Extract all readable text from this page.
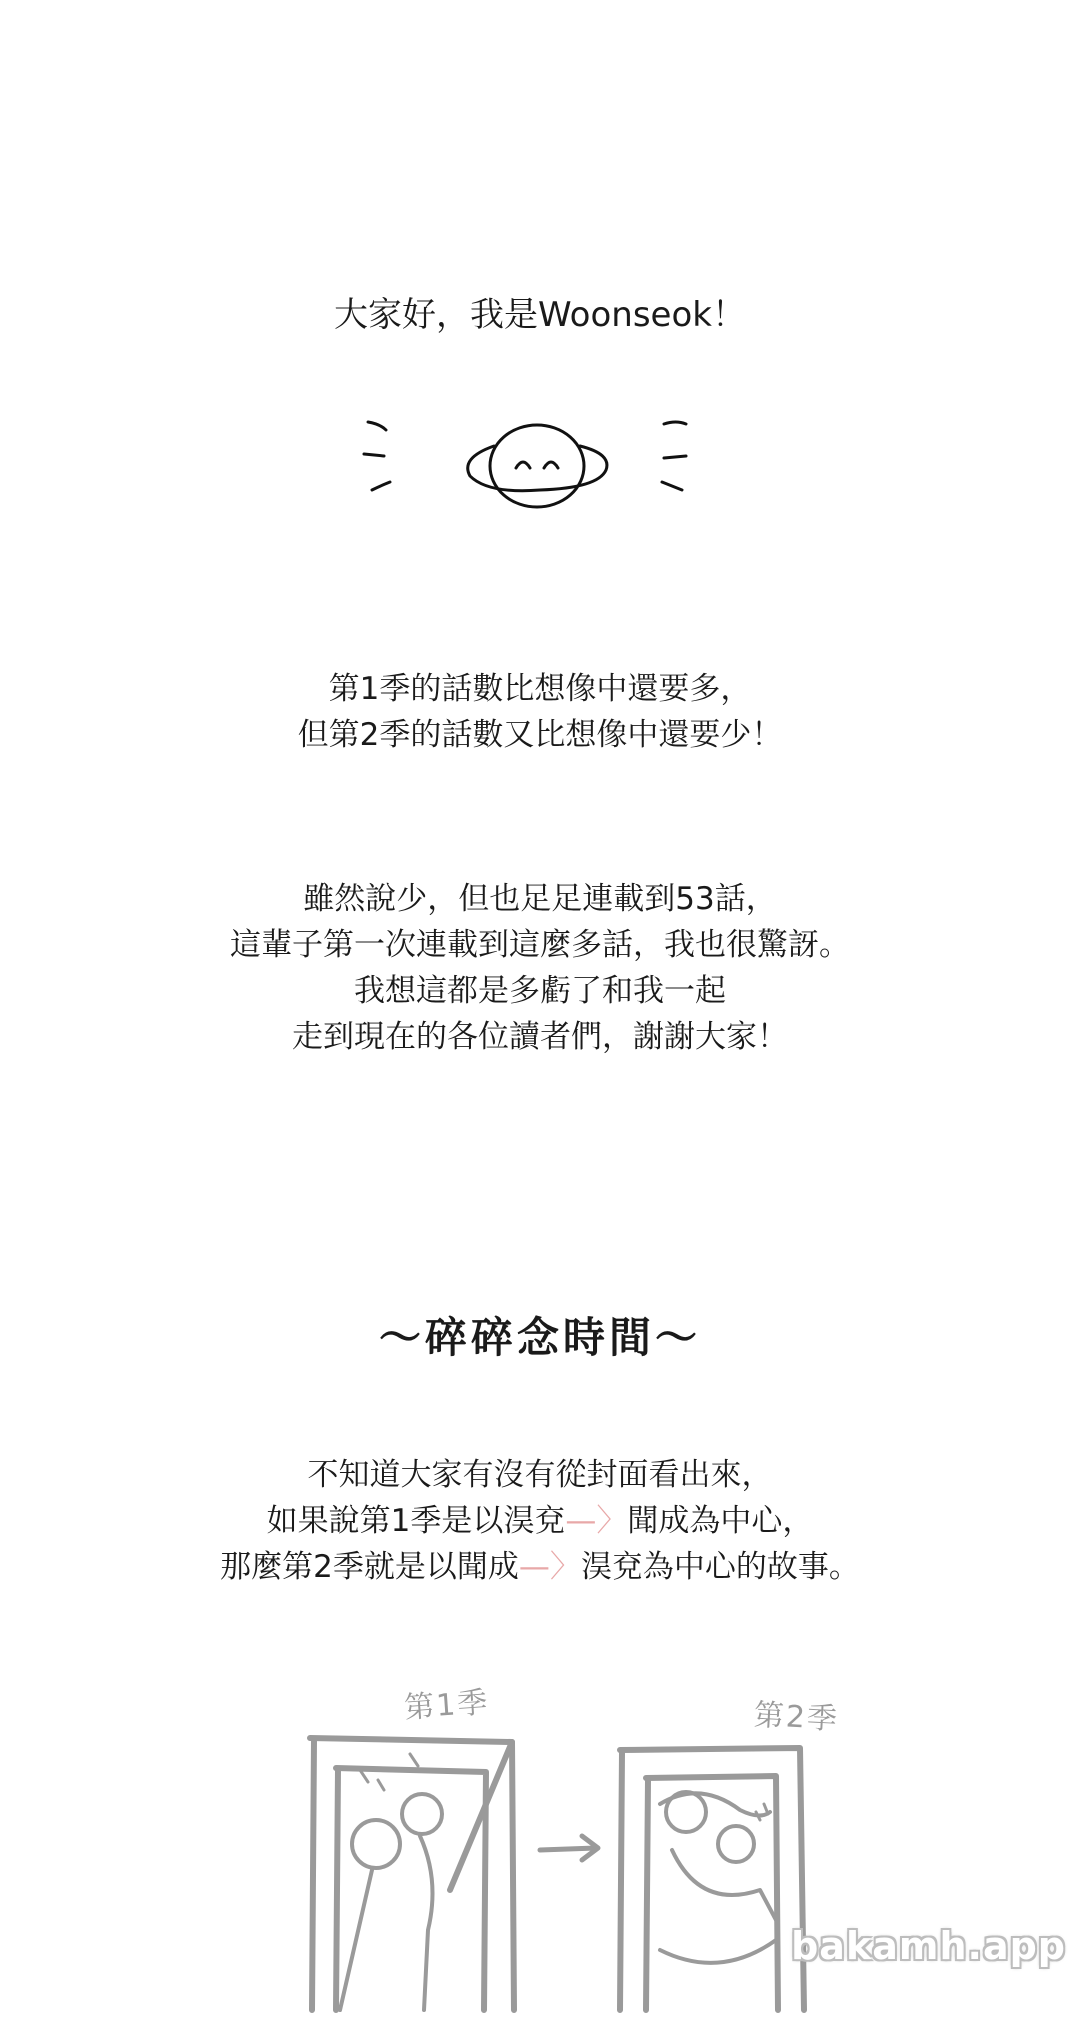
大家好，我是Woonseok！
第1季的話數比想像中還要多，
但第2季的話數又比想像中還要少！
雖然說少，但也足足連載到53話，
這輩子第一次連載到這麼多話，我也很驚訝。
我想這都是多虧了和我一起
走到現在的各位讀者們，謝謝大家！
～碎碎念時間～
不知道大家有沒有從封面看出來，
如果說第1季是以淏兗—〉聞成為中心，
那麼第2季就是以聞成—〉淏兗為中心的故事。
第1季	第2季
bakamh.app
